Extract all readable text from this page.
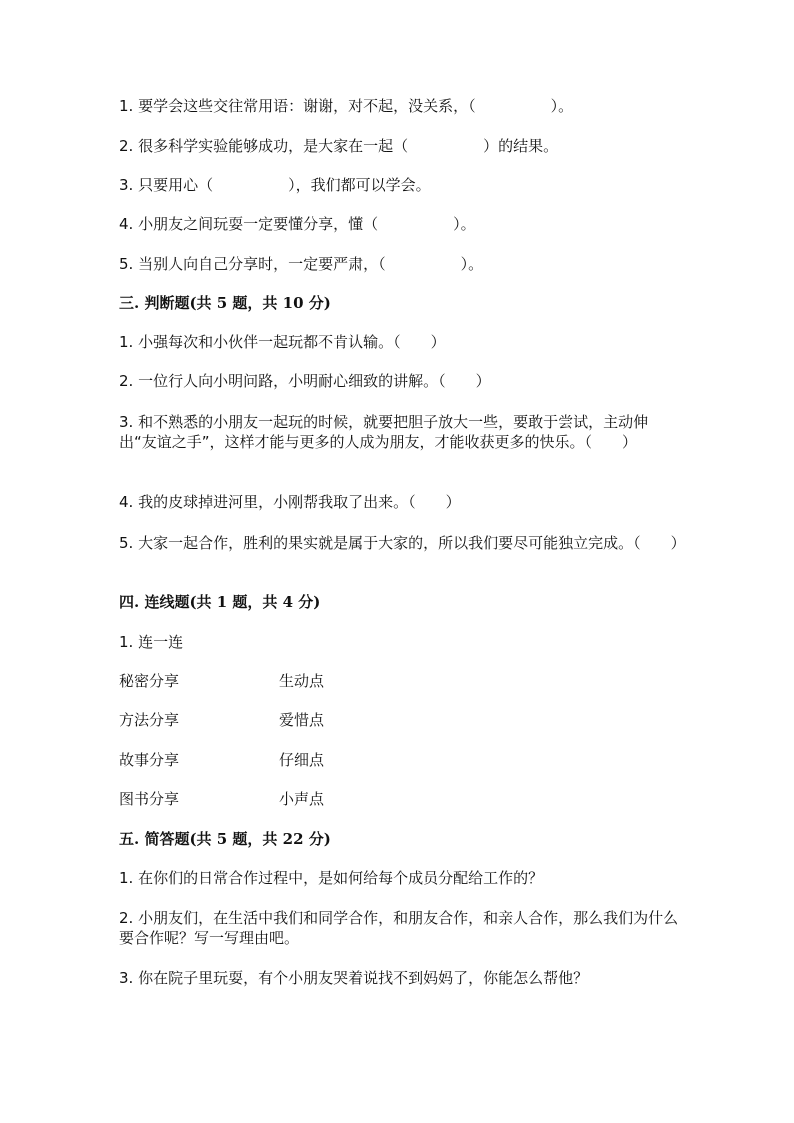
1. 要学会这些交往常用语：谢谢，对不起，没关系，（　　　　　）。
2. 很多科学实验能够成功，是大家在一起（　　　　　）的结果。
3. 只要用心（　　　　　），我们都可以学会。
4. 小朋友之间玩耍一定要懂分享，懂（　　　　　）。
5. 当别人向自己分享时，一定要严肃，（　　　　　）。
三. 判断题(共 5 题，共 10 分)
1. 小强每次和小伙伴一起玩都不肯认输。（　　）
2. 一位行人向小明问路，小明耐心细致的讲解。（　　）
3. 和不熟悉的小朋友一起玩的时候，就要把胆子放大一些，要敢于尝试，主动伸出“友谊之手”，这样才能与更多的人成为朋友，才能收获更多的快乐。（　　）
4. 我的皮球掉进河里，小刚帮我取了出来。（　　）
5. 大家一起合作，胜利的果实就是属于大家的，所以我们要尽可能独立完成。（　　）
四. 连线题(共 1 题，共 4 分)
1. 连一连
秘密分享	生动点
方法分享	爱惜点
故事分享	仔细点
图书分享	小声点
五. 简答题(共 5 题，共 22 分)
1. 在你们的日常合作过程中，是如何给每个成员分配给工作的？
2. 小朋友们，在生活中我们和同学合作，和朋友合作，和亲人合作，那么我们为什么要合作呢？写一写理由吧。
3. 你在院子里玩耍，有个小朋友哭着说找不到妈妈了，你能怎么帮他？
